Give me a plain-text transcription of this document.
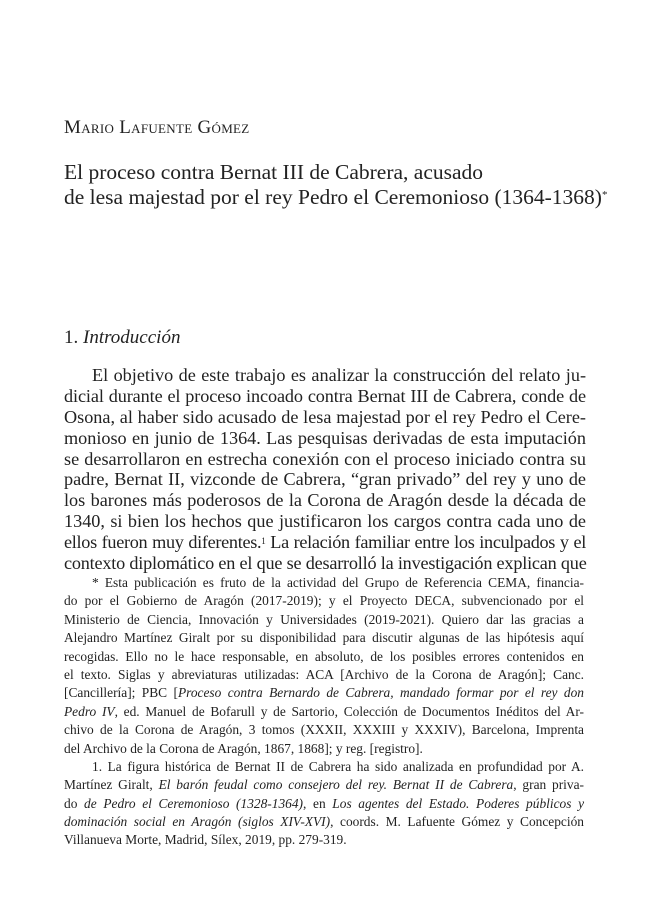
Mario Lafuente Gómez
El proceso contra Bernat III de Cabrera, acusado
de lesa majestad por el rey Pedro el Ceremonioso (1364-1368)*
1. Introducción
El objetivo de este trabajo es analizar la construcción del relato ju-
dicial durante el proceso incoado contra Bernat III de Cabrera, conde de
Osona, al haber sido acusado de lesa majestad por el rey Pedro el Cere-
monioso en junio de 1364. Las pesquisas derivadas de esta imputación
se desarrollaron en estrecha conexión con el proceso iniciado contra su
padre, Bernat II, vizconde de Cabrera, “gran privado” del rey y uno de
los barones más poderosos de la Corona de Aragón desde la década de
1340, si bien los hechos que justificaron los cargos contra cada uno de
ellos fueron muy diferentes.$^1$ La relación familiar entre los inculpados y el
contexto diplomático en el que se desarrolló la investigación explican que
* Esta publicación es fruto de la actividad del Grupo de Referencia CEMA, financia-
do por el Gobierno de Aragón (2017-2019); y el Proyecto DECA, subvencionado por el
Ministerio de Ciencia, Innovación y Universidades (2019-2021). Quiero dar las gracias a
Alejandro Martínez Giralt por su disponibilidad para discutir algunas de las hipótesis aquí
recogidas. Ello no le hace responsable, en absoluto, de los posibles errores contenidos en
el texto. Siglas y abreviaturas utilizadas: ACA [Archivo de la Corona de Aragón]; Canc.
[Cancillería]; PBC [Proceso contra Bernardo de Cabrera, mandado formar por el rey don
Pedro IV, ed. Manuel de Bofarull y de Sartorio, Colección de Documentos Inéditos del Ar-
chivo de la Corona de Aragón, 3 tomos (XXXII, XXXIII y XXXIV), Barcelona, Imprenta
del Archivo de la Corona de Aragón, 1867, 1868]; y reg. [registro].
1. La figura histórica de Bernat II de Cabrera ha sido analizada en profundidad por A.
Martínez Giralt, El barón feudal como consejero del rey. Bernat II de Cabrera, gran priva-
do de Pedro el Ceremonioso (1328-1364), en Los agentes del Estado. Poderes públicos y
dominación social en Aragón (siglos XIV-XVI), coords. M. Lafuente Gómez y Concepción
Villanueva Morte, Madrid, Sílex, 2019, pp. 279-319.
